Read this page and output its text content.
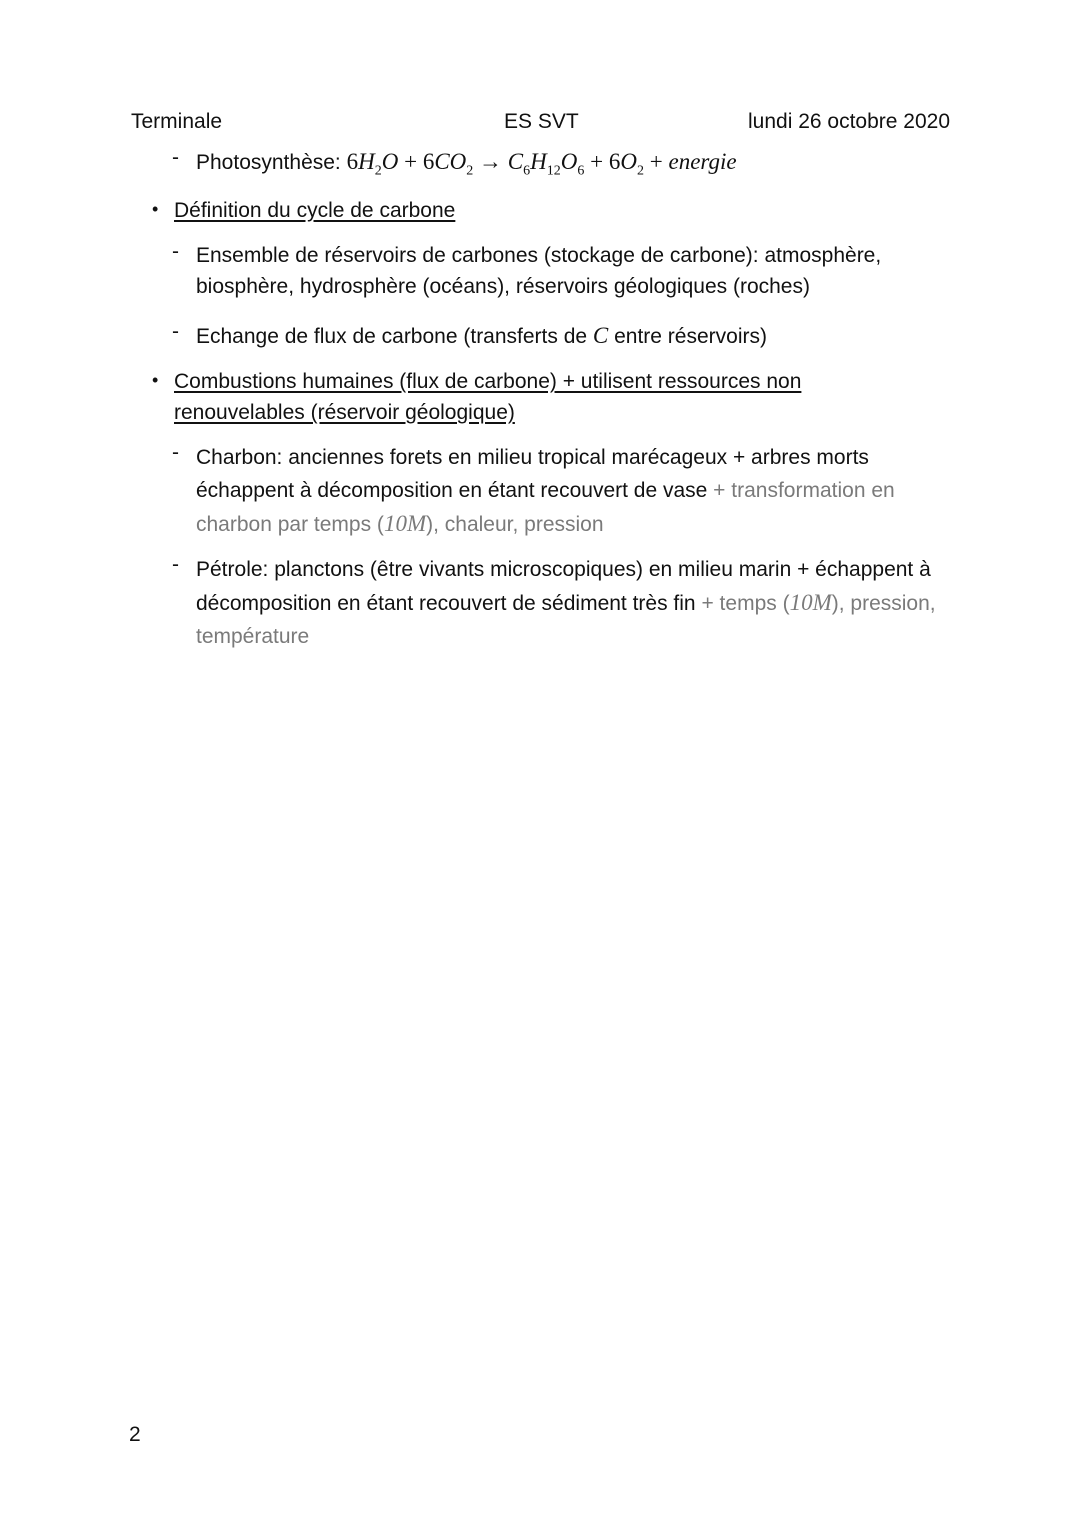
Terminale	ES SVT	lundi 26 octobre 2020
- Photosynthèse: $6H_2O + 6CO_2 \to C_6H_{12}O_6 + 6O_2$ + energie
• Définition du cycle de carbone
- Ensemble de réservoirs de carbones (stockage de carbone): atmosphère, biosphère, hydrosphère (océans), réservoirs géologiques (roches)
- Echange de flux de carbone (transferts de C entre réservoirs)
• Combustions humaines (flux de carbone) + utilisent ressources non renouvelables (réservoir géologique)
- Charbon: anciennes forets en milieu tropical marécageux + arbres morts échappent à décomposition en étant recouvert de vase + transformation en charbon par temps (10M), chaleur, pression
- Pétrole: planctons (être vivants microscopiques) en milieu marin + échappent à décomposition en étant recouvert de sédiment très fin + temps (10M), pression, température
2
